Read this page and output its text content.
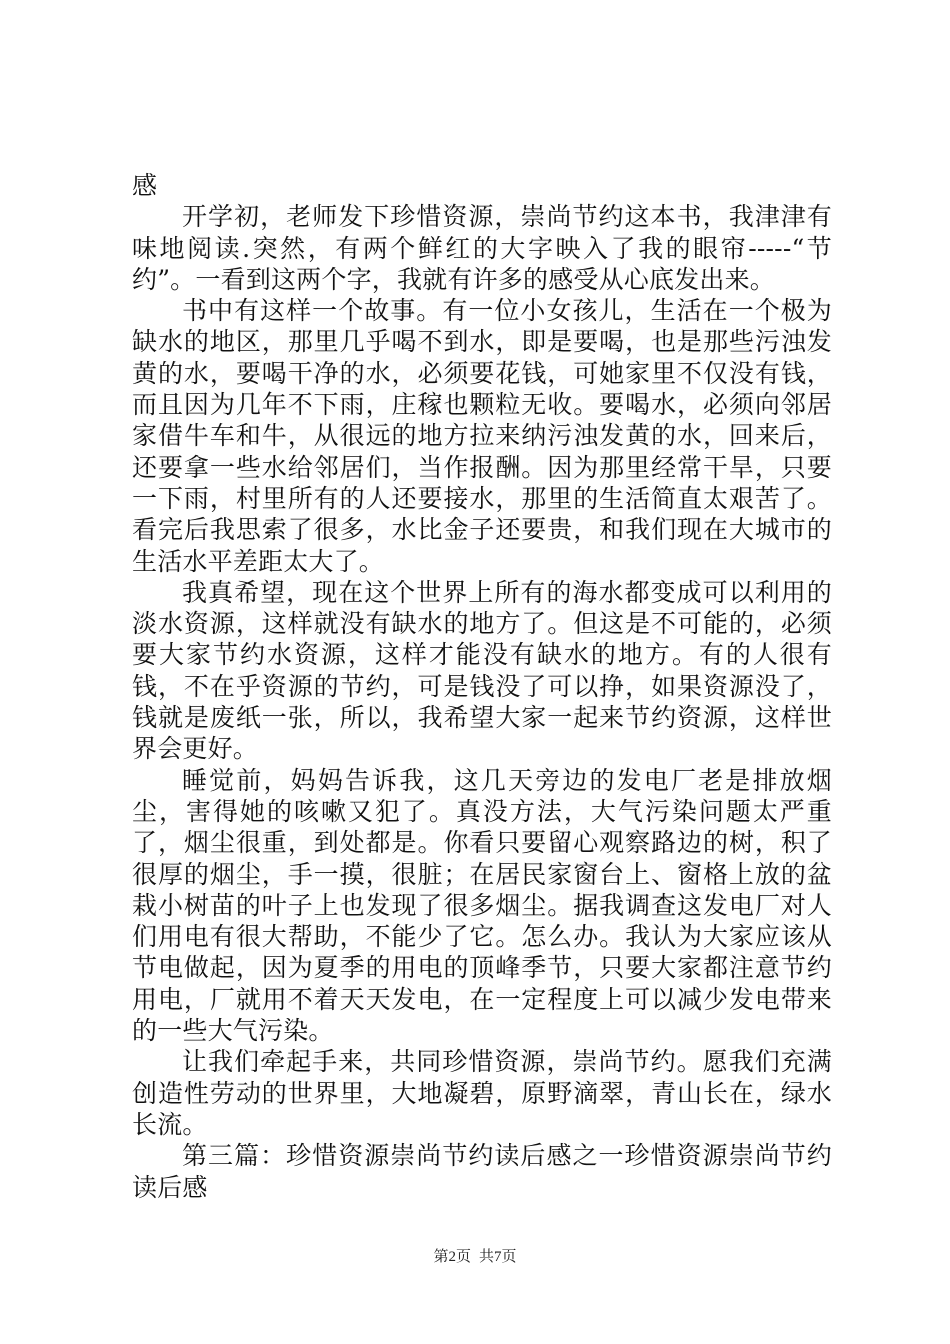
感

开学初，老师发下珍惜资源，崇尚节约这本书，我津津有味地阅读.突然，有两个鲜红的大字映入了我的眼帘-----“节约”。一看到这两个字，我就有许多的感受从心底发出来。

书中有这样一个故事。有一位小女孩儿，生活在一个极为缺水的地区，那里几乎喝不到水，即是要喝，也是那些污浊发黄的水，要喝干净的水，必须要花钱，可她家里不仅没有钱，而且因为几年不下雨，庄稼也颗粒无收。要喝水，必须向邻居家借牛车和牛，从很远的地方拉来纳污浊发黄的水，回来后，还要拿一些水给邻居们，当作报酬。因为那里经常干旱，只要一下雨，村里所有的人还要接水，那里的生活简直太艰苦了。看完后我思索了很多，水比金子还要贵，和我们现在大城市的生活水平差距太大了。

我真希望，现在这个世界上所有的海水都变成可以利用的淡水资源，这样就没有缺水的地方了。但这是不可能的，必须要大家节约水资源，这样才能没有缺水的地方。有的人很有钱，不在乎资源的节约，可是钱没了可以挣，如果资源没了，钱就是废纸一张，所以，我希望大家一起来节约资源，这样世界会更好。

睡觉前，妈妈告诉我，这几天旁边的发电厂老是排放烟尘，害得她的咳嗽又犯了。真没方法，大气污染问题太严重了，烟尘很重，到处都是。你看只要留心观察路边的树，积了很厚的烟尘，手一摸，很脏；在居民家窗台上、窗格上放的盆栽小树苗的叶子上也发现了很多烟尘。据我调查这发电厂对人们用电有很大帮助，不能少了它。怎么办。我认为大家应该从节电做起，因为夏季的用电的顶峰季节，只要大家都注意节约用电，厂就用不着天天发电，在一定程度上可以减少发电带来的一些大气污染。

让我们牵起手来，共同珍惜资源，崇尚节约。愿我们充满创造性劳动的世界里，大地凝碧，原野滴翠，青山长在，绿水长流。

第三篇：珍惜资源崇尚节约读后感之一珍惜资源崇尚节约读后感

第2页 共7页
